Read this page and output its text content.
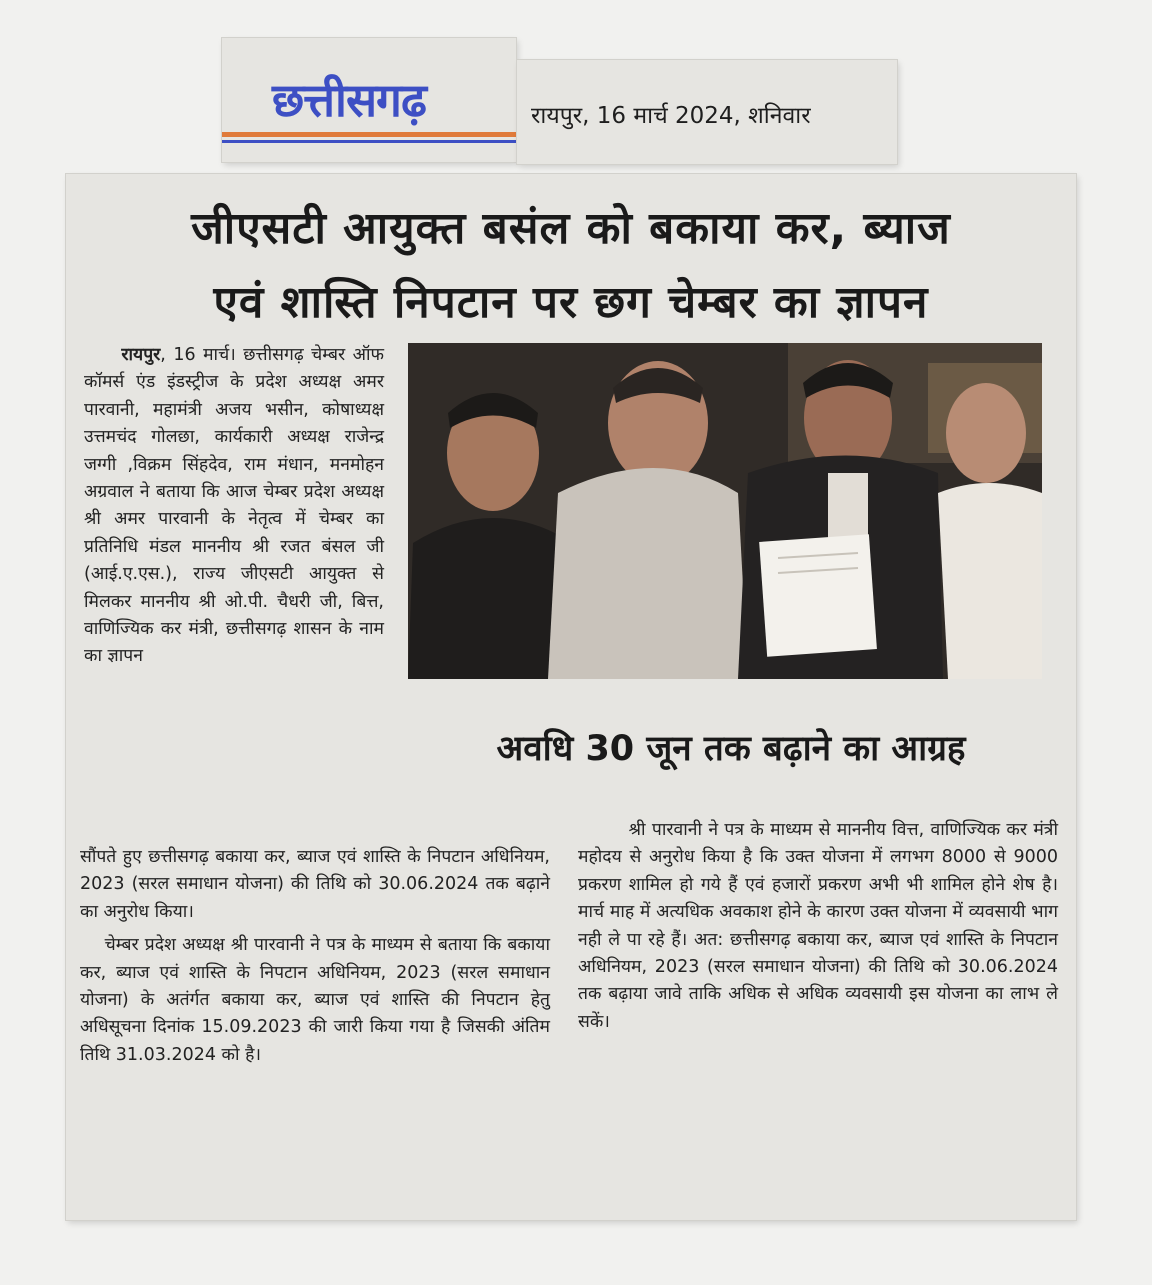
छत्तीसगढ़	रायपुर, 16 मार्च 2024, शनिवार
जीएसटी आयुक्त बसंल को बकाया कर, ब्याज
एवं शास्ति निपटान पर छग चेम्बर का ज्ञापन

रायपुर, 16 मार्च। छत्तीसगढ़ चेम्बर ऑफ कॉमर्स एंड इंडस्ट्रीज के प्रदेश अध्यक्ष अमर पारवानी, महामंत्री अजय भसीन, कोषाध्यक्ष उत्तमचंद गोलछा, कार्यकारी अध्यक्ष राजेन्द्र जग्गी ,विक्रम सिंहदेव, राम मंधान, मनमोहन अग्रवाल ने बताया कि आज चेम्बर प्रदेश अध्यक्ष श्री अमर पारवानी के नेतृत्व में चेम्बर का प्रतिनिधि मंडल माननीय श्री रजत बंसल जी (आई.ए.एस.), राज्य जीएसटी आयुक्त से मिलकर माननीय श्री ओ.पी. चैधरी जी, बित्त, वाणिज्यिक कर मंत्री, छत्तीसगढ़ शासन के नाम का ज्ञापन

अवधि 30 जून तक बढ़ाने का आग्रह

सौंपते हुए छत्तीसगढ़ बकाया कर, ब्याज एवं शास्ति के निपटान अधिनियम, 2023 (सरल समाधान योजना) की तिथि को 30.06.2024 तक बढ़ाने का अनुरोध किया।

चेम्बर प्रदेश अध्यक्ष श्री पारवानी ने पत्र के माध्यम से बताया कि बकाया कर, ब्याज एवं शास्ति के निपटान अधिनियम, 2023 (सरल समाधान योजना) के अतंर्गत बकाया कर, ब्याज एवं शास्ति की निपटान हेतु अधिसूचना दिनांक 15.09.2023 की जारी किया गया है जिसकी अंतिम तिथि 31.03.2024 को है।

श्री पारवानी ने पत्र के माध्यम से माननीय वित्त, वाणिज्यिक कर मंत्री महोदय से अनुरोध किया है कि उक्त योजना में लगभग 8000 से 9000 प्रकरण शामिल हो गये हैं एवं हजारों प्रकरण अभी भी शामिल होने शेष है। मार्च माह में अत्यधिक अवकाश होने के कारण उक्त योजना में व्यवसायी भाग नही ले पा रहे हैं। अत: छत्तीसगढ़ बकाया कर, ब्याज एवं शास्ति के निपटान अधिनियम, 2023 (सरल समाधान योजना) की तिथि को 30.06.2024 तक बढ़ाया जावे ताकि अधिक से अधिक व्यवसायी इस योजना का लाभ ले सकें।
